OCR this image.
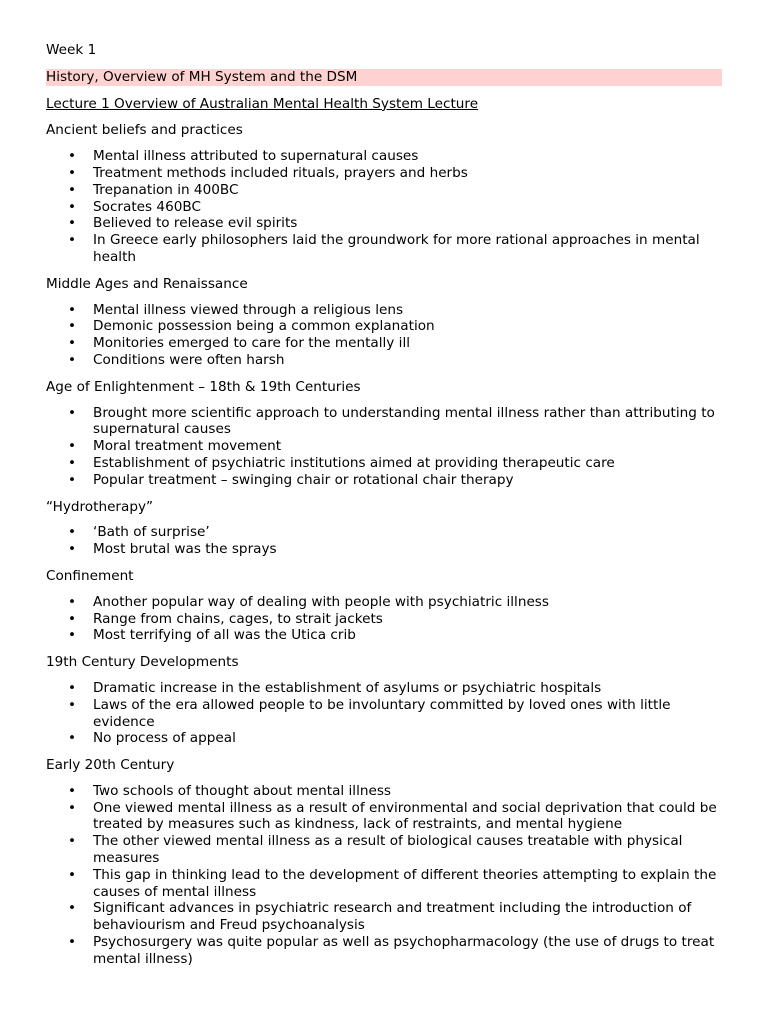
Week 1

History, Overview of MH System and the DSM

Lecture 1 Overview of Australian Mental Health System Lecture

Ancient beliefs and practices

• Mental illness attributed to supernatural causes
• Treatment methods included rituals, prayers and herbs
• Trepanation in 400BC
• Socrates 460BC
• Believed to release evil spirits
• In Greece early philosophers laid the groundwork for more rational approaches in mental health

Middle Ages and Renaissance

• Mental illness viewed through a religious lens
• Demonic possession being a common explanation
• Monitories emerged to care for the mentally ill
• Conditions were often harsh

Age of Enlightenment – 18th & 19th Centuries

• Brought more scientific approach to understanding mental illness rather than attributing to supernatural causes
• Moral treatment movement
• Establishment of psychiatric institutions aimed at providing therapeutic care
• Popular treatment – swinging chair or rotational chair therapy

“Hydrotherapy”

• ‘Bath of surprise’
• Most brutal was the sprays

Confinement

• Another popular way of dealing with people with psychiatric illness
• Range from chains, cages, to strait jackets
• Most terrifying of all was the Utica crib

19th Century Developments

• Dramatic increase in the establishment of asylums or psychiatric hospitals
• Laws of the era allowed people to be involuntary committed by loved ones with little evidence
• No process of appeal

Early 20th Century

• Two schools of thought about mental illness
• One viewed mental illness as a result of environmental and social deprivation that could be treated by measures such as kindness, lack of restraints, and mental hygiene
• The other viewed mental illness as a result of biological causes treatable with physical measures
• This gap in thinking lead to the development of different theories attempting to explain the causes of mental illness
• Significant advances in psychiatric research and treatment including the introduction of behaviourism and Freud psychoanalysis
• Psychosurgery was quite popular as well as psychopharmacology (the use of drugs to treat mental illness)
